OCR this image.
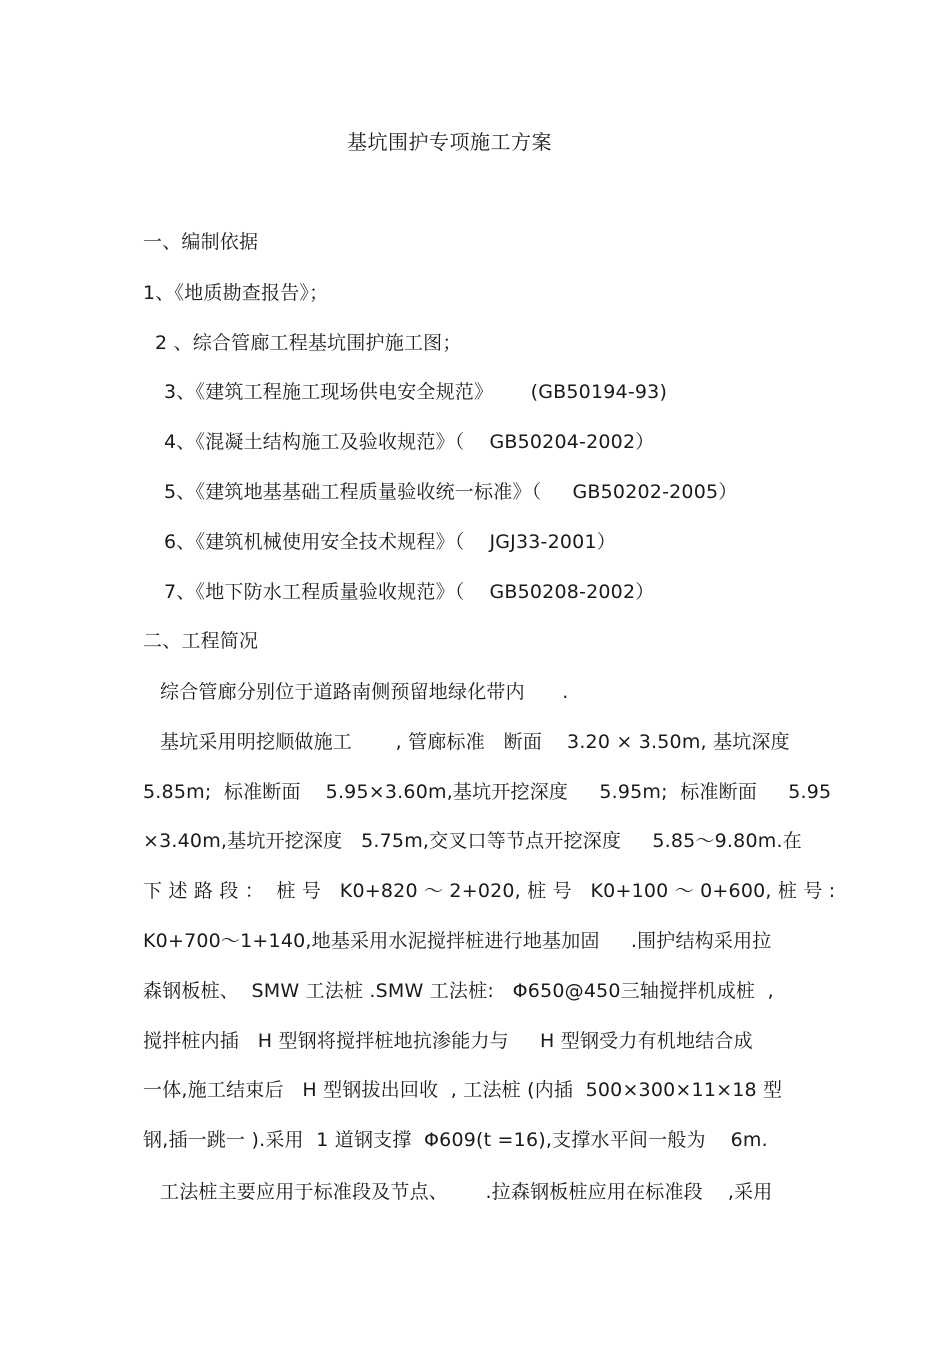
基坑围护专项施工方案
一、编制依据
1、《地质勘查报告》；
2 、综合管廊工程基坑围护施工图；
3、《建筑工程施工现场供电安全规范》      (GB50194-93)
4、《混凝土结构施工及验收规范》（    GB50204-2002）
5、《建筑地基基础工程质量验收统一标准》（     GB50202-2005）
6、《建筑机械使用安全技术规程》（    JGJ33-2001）
7、《地下防水工程质量验收规范》（    GB50208-2002）
二、工程简况
综合管廊分别位于道路南侧预留地绿化带内      .
基坑采用明挖顺做施工       , 管廊标准   断面    3.20 × 3.50m, 基坑深度
5.85m;  标准断面    5.95×3.60m,基坑开挖深度     5.95m;  标准断面     5.95
×3.40m,基坑开挖深度   5.75m,交叉口等节点开挖深度     5.85～9.80m.在
下 述 路 段 ：  桩 号   K0+820 ～ 2+020, 桩 号   K0+100 ～ 0+600, 桩 号 :
K0+700～1+140,地基采用水泥搅拌桩进行地基加固     .围护结构采用拉
森钢板桩、  SMW 工法桩 .SMW 工法桩:   Φ650@450三轴搅拌机成桩  ,
搅拌桩内插   H 型钢将搅拌桩地抗渗能力与     H 型钢受力有机地结合成
一体,施工结束后   H 型钢拔出回收  , 工法桩 (内插  500×300×11×18 型
钢,插一跳一 ).采用  1 道钢支撑  Φ609(t =16),支撑水平间一般为    6m.
工法桩主要应用于标准段及节点、      .拉森钢板桩应用在标准段    ,采用
